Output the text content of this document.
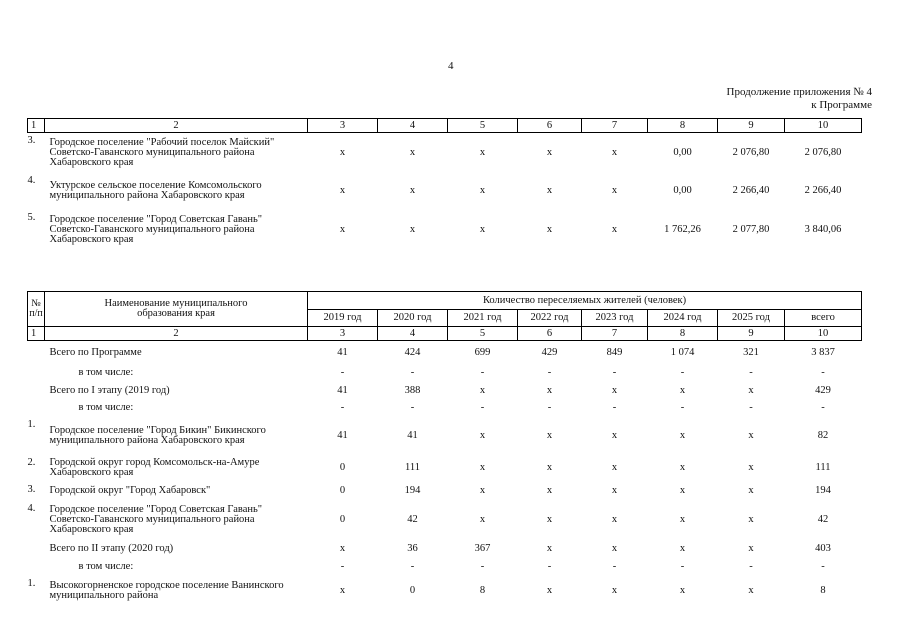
4
Продолжение приложения № 4
к Программе
1	2	3	4	5	6	7	8	9	10
3.	Городское поселение "Рабочий поселок Майский" Советско-Гаванского муниципального района Хабаровского края	x	x	x	x	x	0,00	2 076,80	2 076,80
4.	Уктурское сельское поселение Комсомольского муниципального района Хабаровского края	x	x	x	x	x	0,00	2 266,40	2 266,40
5.	Городское поселение "Город Советская Гавань" Советско-Гаванского муниципального района Хабаровского края	x	x	x	x	x	1 762,26	2 077,80	3 840,06
№ п/п	Наименование муниципального образования края	Количество переселяемых жителей (человек)							
		2019 год	2020 год	2021 год	2022 год	2023 год	2024 год	2025 год	всего
1	2	3	4	5	6	7	8	9	10
	Всего по Программе	41	424	699	429	849	1 074	321	3 837
	в том числе:	-	-	-	-	-	-	-	-
	Всего по I этапу (2019 год)	41	388	x	x	x	x	x	429
	в том числе:	-	-	-	-	-	-	-	-
1.	Городское поселение "Город Бикин" Бикинского муниципального района Хабаровского края	41	41	x	x	x	x	x	82
2.	Городской округ город Комсомольск-на-Амуре Хабаровского края	0	111	x	x	x	x	x	111
3.	Городской округ "Город Хабаровск"	0	194	x	x	x	x	x	194
4.	Городское поселение "Город Советская Гавань" Советско-Гаванского муниципального района Хабаровского края	0	42	x	x	x	x	x	42
	Всего по II этапу (2020 год)	x	36	367	x	x	x	x	403
	в том числе:	-	-	-	-	-	-	-	-
1.	Высокогорненское городское поселение Ванинского муниципального района	x	0	8	x	x	x	x	8
